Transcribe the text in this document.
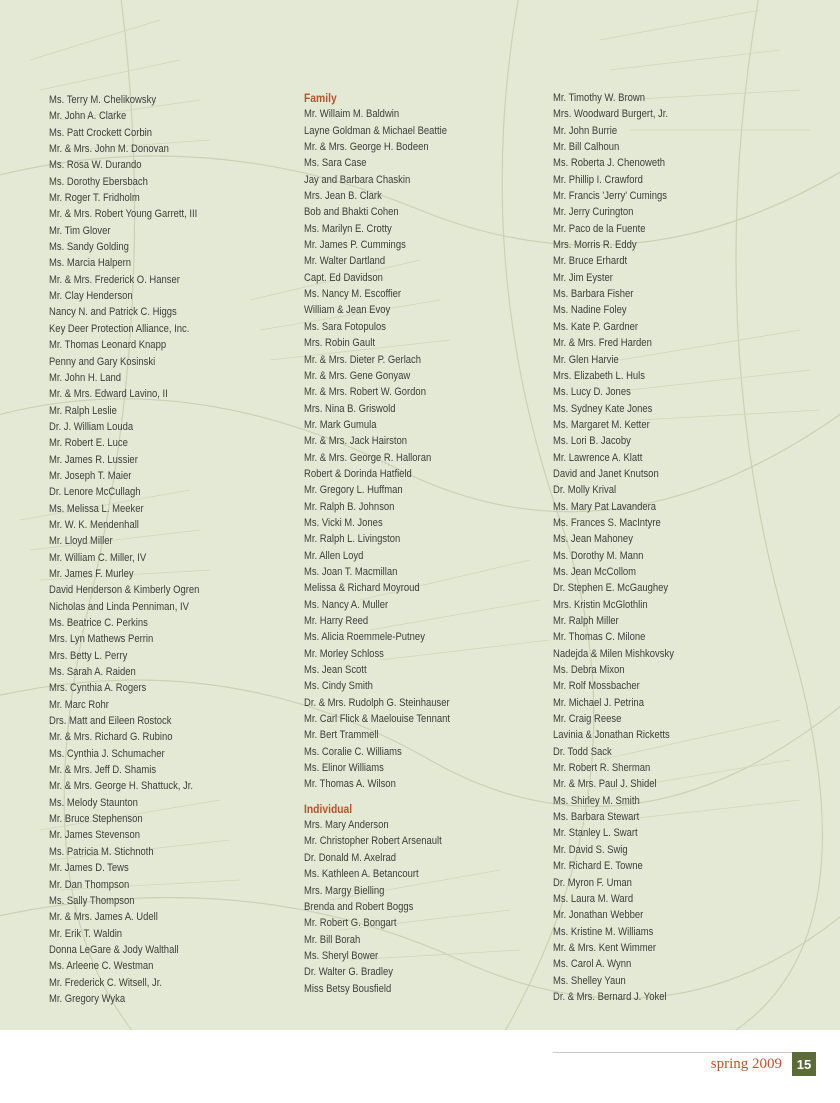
Ms. Terry M. Chelikowsky
Mr. John A. Clarke
Ms. Patt Crockett Corbin
Mr. & Mrs. John M. Donovan
Ms. Rosa W. Durando
Ms. Dorothy Ebersbach
Mr. Roger T. Fridholm
Mr. & Mrs. Robert Young Garrett, III
Mr. Tim Glover
Ms. Sandy Golding
Ms. Marcia Halpern
Mr. & Mrs. Frederick O. Hanser
Mr. Clay Henderson
Nancy N. and Patrick C. Higgs
Key Deer Protection Alliance, Inc.
Mr. Thomas Leonard Knapp
Penny and Gary Kosinski
Mr. John H. Land
Mr. & Mrs. Edward Lavino, II
Mr. Ralph Leslie
Dr. J. William Louda
Mr. Robert E. Luce
Mr. James R. Lussier
Mr. Joseph T. Maier
Dr. Lenore McCullagh
Ms. Melissa L. Meeker
Mr. W. K. Mendenhall
Mr. Lloyd Miller
Mr. William C. Miller, IV
Mr. James F. Murley
David Henderson & Kimberly Ogren
Nicholas and Linda Penniman, IV
Ms. Beatrice C. Perkins
Mrs. Lyn Mathews Perrin
Mrs. Betty L. Perry
Ms. Sarah A. Raiden
Mrs. Cynthia A. Rogers
Mr. Marc Rohr
Drs. Matt and Eileen Rostock
Mr. & Mrs. Richard G. Rubino
Ms. Cynthia J. Schumacher
Mr. & Mrs. Jeff D. Shamis
Mr. & Mrs. George H. Shattuck, Jr.
Ms. Melody Staunton
Mr. Bruce Stephenson
Mr. James Stevenson
Ms. Patricia M. Stichnoth
Mr. James D. Tews
Mr. Dan Thompson
Ms. Sally Thompson
Mr. & Mrs. James A. Udell
Mr. Erik T. Waldin
Donna LeGare & Jody Walthall
Ms. Arleene C. Westman
Mr. Frederick C. Witsell, Jr.
Mr. Gregory Wyka
Family
Mr. Willaim M. Baldwin
Layne Goldman & Michael Beattie
Mr. & Mrs. George H. Bodeen
Ms. Sara Case
Jay and Barbara Chaskin
Mrs. Jean B. Clark
Bob and Bhakti Cohen
Ms. Marilyn E. Crotty
Mr. James P. Cummings
Mr. Walter Dartland
Capt. Ed Davidson
Ms. Nancy M. Escoffier
William & Jean Evoy
Ms. Sara Fotopulos
Mrs. Robin Gault
Mr. & Mrs. Dieter P. Gerlach
Mr. & Mrs. Gene Gonyaw
Mr. & Mrs. Robert W. Gordon
Mrs. Nina B. Griswold
Mr. Mark Gumula
Mr. & Mrs. Jack Hairston
Mr. & Mrs. George R. Halloran
Robert & Dorinda Hatfield
Mr. Gregory L. Huffman
Mr. Ralph B. Johnson
Ms. Vicki M. Jones
Mr. Ralph L. Livingston
Mr. Allen Loyd
Ms. Joan T. Macmillan
Melissa & Richard Moyroud
Ms. Nancy A. Muller
Mr. Harry Reed
Ms. Alicia Roemmele-Putney
Mr. Morley Schloss
Ms. Jean Scott
Ms. Cindy Smith
Dr. & Mrs. Rudolph G. Steinhauser
Mr. Carl Flick & Maelouise Tennant
Mr. Bert Trammell
Ms. Coralie C. Williams
Ms. Elinor Williams
Mr. Thomas A. Wilson
Individual
Mrs. Mary Anderson
Mr. Christopher Robert Arsenault
Dr. Donald M. Axelrad
Ms. Kathleen A. Betancourt
Mrs. Margy Bielling
Brenda and Robert Boggs
Mr. Robert G. Bongart
Mr. Bill Borah
Ms. Sheryl Bower
Dr. Walter G. Bradley
Miss Betsy Bousfield
Mr. Timothy W. Brown
Mrs. Woodward Burgert, Jr.
Mr. John Burrie
Mr. Bill Calhoun
Ms. Roberta J. Chenoweth
Mr. Phillip I. Crawford
Mr. Francis 'Jerry' Cumings
Mr. Jerry Curington
Mr. Paco de la Fuente
Mrs. Morris R. Eddy
Mr. Bruce Erhardt
Mr. Jim Eyster
Ms. Barbara Fisher
Ms. Nadine Foley
Ms. Kate P. Gardner
Mr. & Mrs. Fred Harden
Mr. Glen Harvie
Mrs. Elizabeth L. Huls
Ms. Lucy D. Jones
Ms. Sydney Kate Jones
Ms. Margaret M. Ketter
Ms. Lori B. Jacoby
Mr. Lawrence A. Klatt
David and Janet Knutson
Dr. Molly Krival
Ms. Mary Pat Lavandera
Ms. Frances S. MacIntyre
Ms. Jean Mahoney
Ms. Dorothy M. Mann
Ms. Jean McCollom
Dr. Stephen E. McGaughey
Mrs. Kristin McGlothlin
Mr. Ralph Miller
Mr. Thomas C. Milone
Nadejda & Milen Mishkovsky
Ms. Debra Mixon
Mr. Rolf Mossbacher
Mr. Michael J. Petrina
Mr. Craig Reese
Lavinia & Jonathan Ricketts
Dr. Todd Sack
Mr. Robert R. Sherman
Mr. & Mrs. Paul J. Shidel
Ms. Shirley M. Smith
Ms. Barbara Stewart
Mr. Stanley L. Swart
Mr. David S. Swig
Mr. Richard E. Towne
Dr. Myron F. Uman
Ms. Laura M. Ward
Mr. Jonathan Webber
Ms. Kristine M. Williams
Mr. & Mrs. Kent Wimmer
Ms. Carol A. Wynn
Ms. Shelley Yaun
Dr. & Mrs. Bernard J. Yokel
spring 2009	15
